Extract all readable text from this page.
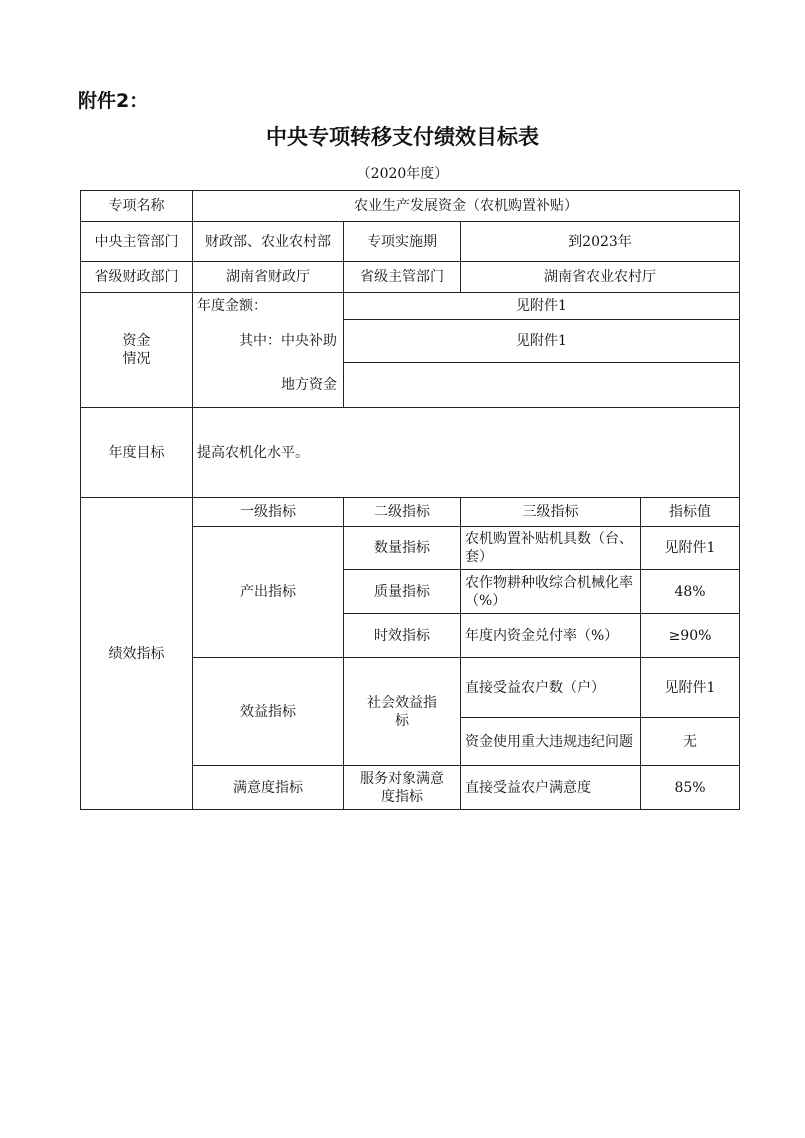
附件2：
中央专项转移支付绩效目标表
（2020年度）
专项名称	农业生产发展资金（农机购置补贴）			
中央主管部门	财政部、农业农村部	专项实施期	到2023年	
省级财政部门	湖南省财政厅	省级主管部门	湖南省农业农村厅	
资金
情况	年度金额：	见附件1		
	其中：中央补助	见附件1		
	地方资金			
年度目标	提高农机化水平。			
绩效指标	一级指标	二级指标	三级指标	指标值
	产出指标	数量指标	农机购置补贴机具数（台、套）	见附件1
		质量指标	农作物耕种收综合机械化率（%）	48%
		时效指标	年度内资金兑付率（%）	≥90%
	效益指标	社会效益指标	直接受益农户数（户）	见附件1
			资金使用重大违规违纪问题	无
	满意度指标	服务对象满意度指标	直接受益农户满意度	85%
